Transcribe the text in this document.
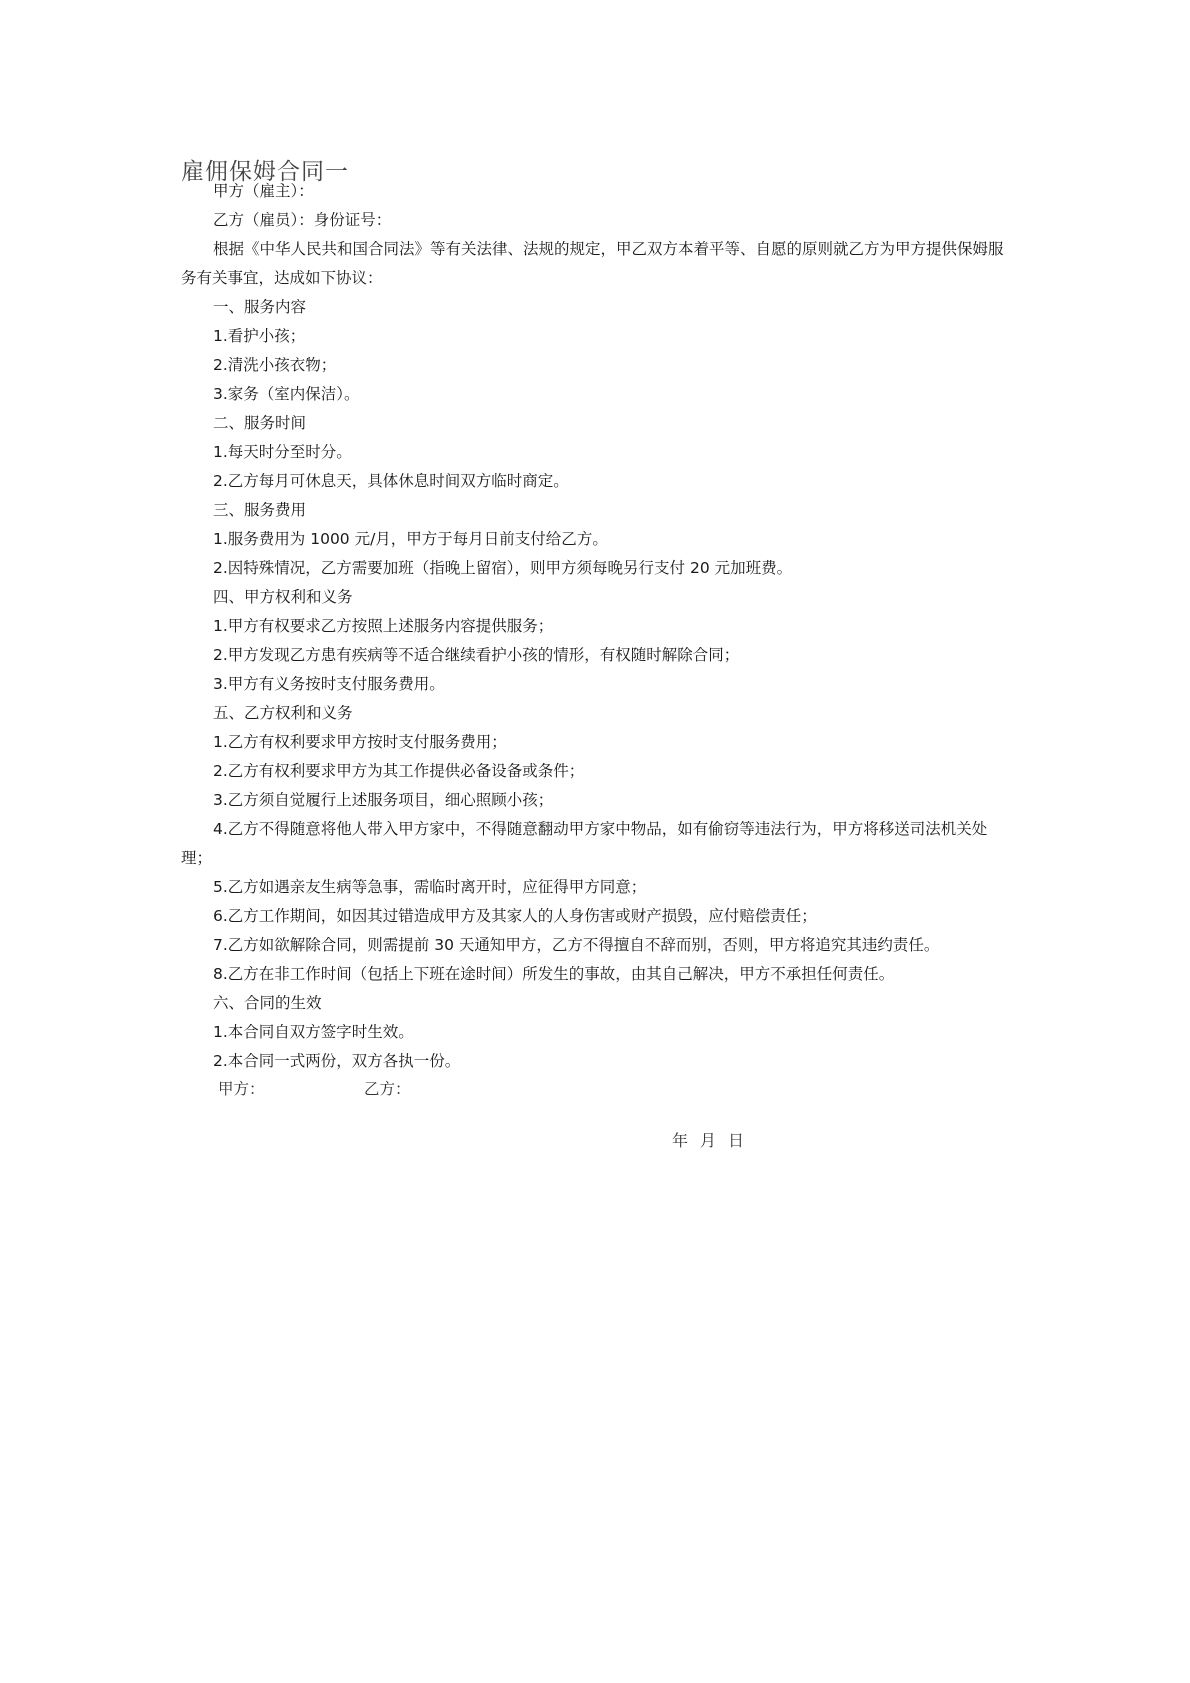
雇佣保姆合同一
甲方（雇主）：
乙方（雇员）：身份证号：
根据《中华人民共和国合同法》等有关法律、法规的规定，甲乙双方本着平等、自愿的原则就乙方为甲方提供保姆服
务有关事宜，达成如下协议：
一、服务内容
1.看护小孩；
2.清洗小孩衣物；
3.家务（室内保洁）。
二、服务时间
1.每天时分至时分。
2.乙方每月可休息天，具体休息时间双方临时商定。
三、服务费用
1.服务费用为 1000 元/月，甲方于每月日前支付给乙方。
2.因特殊情况，乙方需要加班（指晚上留宿），则甲方须每晚另行支付 20 元加班费。
四、甲方权利和义务
1.甲方有权要求乙方按照上述服务内容提供服务；
2.甲方发现乙方患有疾病等不适合继续看护小孩的情形，有权随时解除合同；
3.甲方有义务按时支付服务费用。
五、乙方权利和义务
1.乙方有权利要求甲方按时支付服务费用；
2.乙方有权利要求甲方为其工作提供必备设备或条件；
3.乙方须自觉履行上述服务项目，细心照顾小孩；
4.乙方不得随意将他人带入甲方家中，不得随意翻动甲方家中物品，如有偷窃等违法行为，甲方将移送司法机关处
理；
5.乙方如遇亲友生病等急事，需临时离开时，应征得甲方同意；
6.乙方工作期间，如因其过错造成甲方及其家人的人身伤害或财产损毁，应付赔偿责任；
7.乙方如欲解除合同，则需提前 30 天通知甲方，乙方不得擅自不辞而别，否则，甲方将追究其违约责任。
8.乙方在非工作时间（包括上下班在途时间）所发生的事故，由其自己解决，甲方不承担任何责任。
六、合同的生效
1.本合同自双方签字时生效。
2.本合同一式两份，双方各执一份。
甲方：	乙方：
年 月 日
